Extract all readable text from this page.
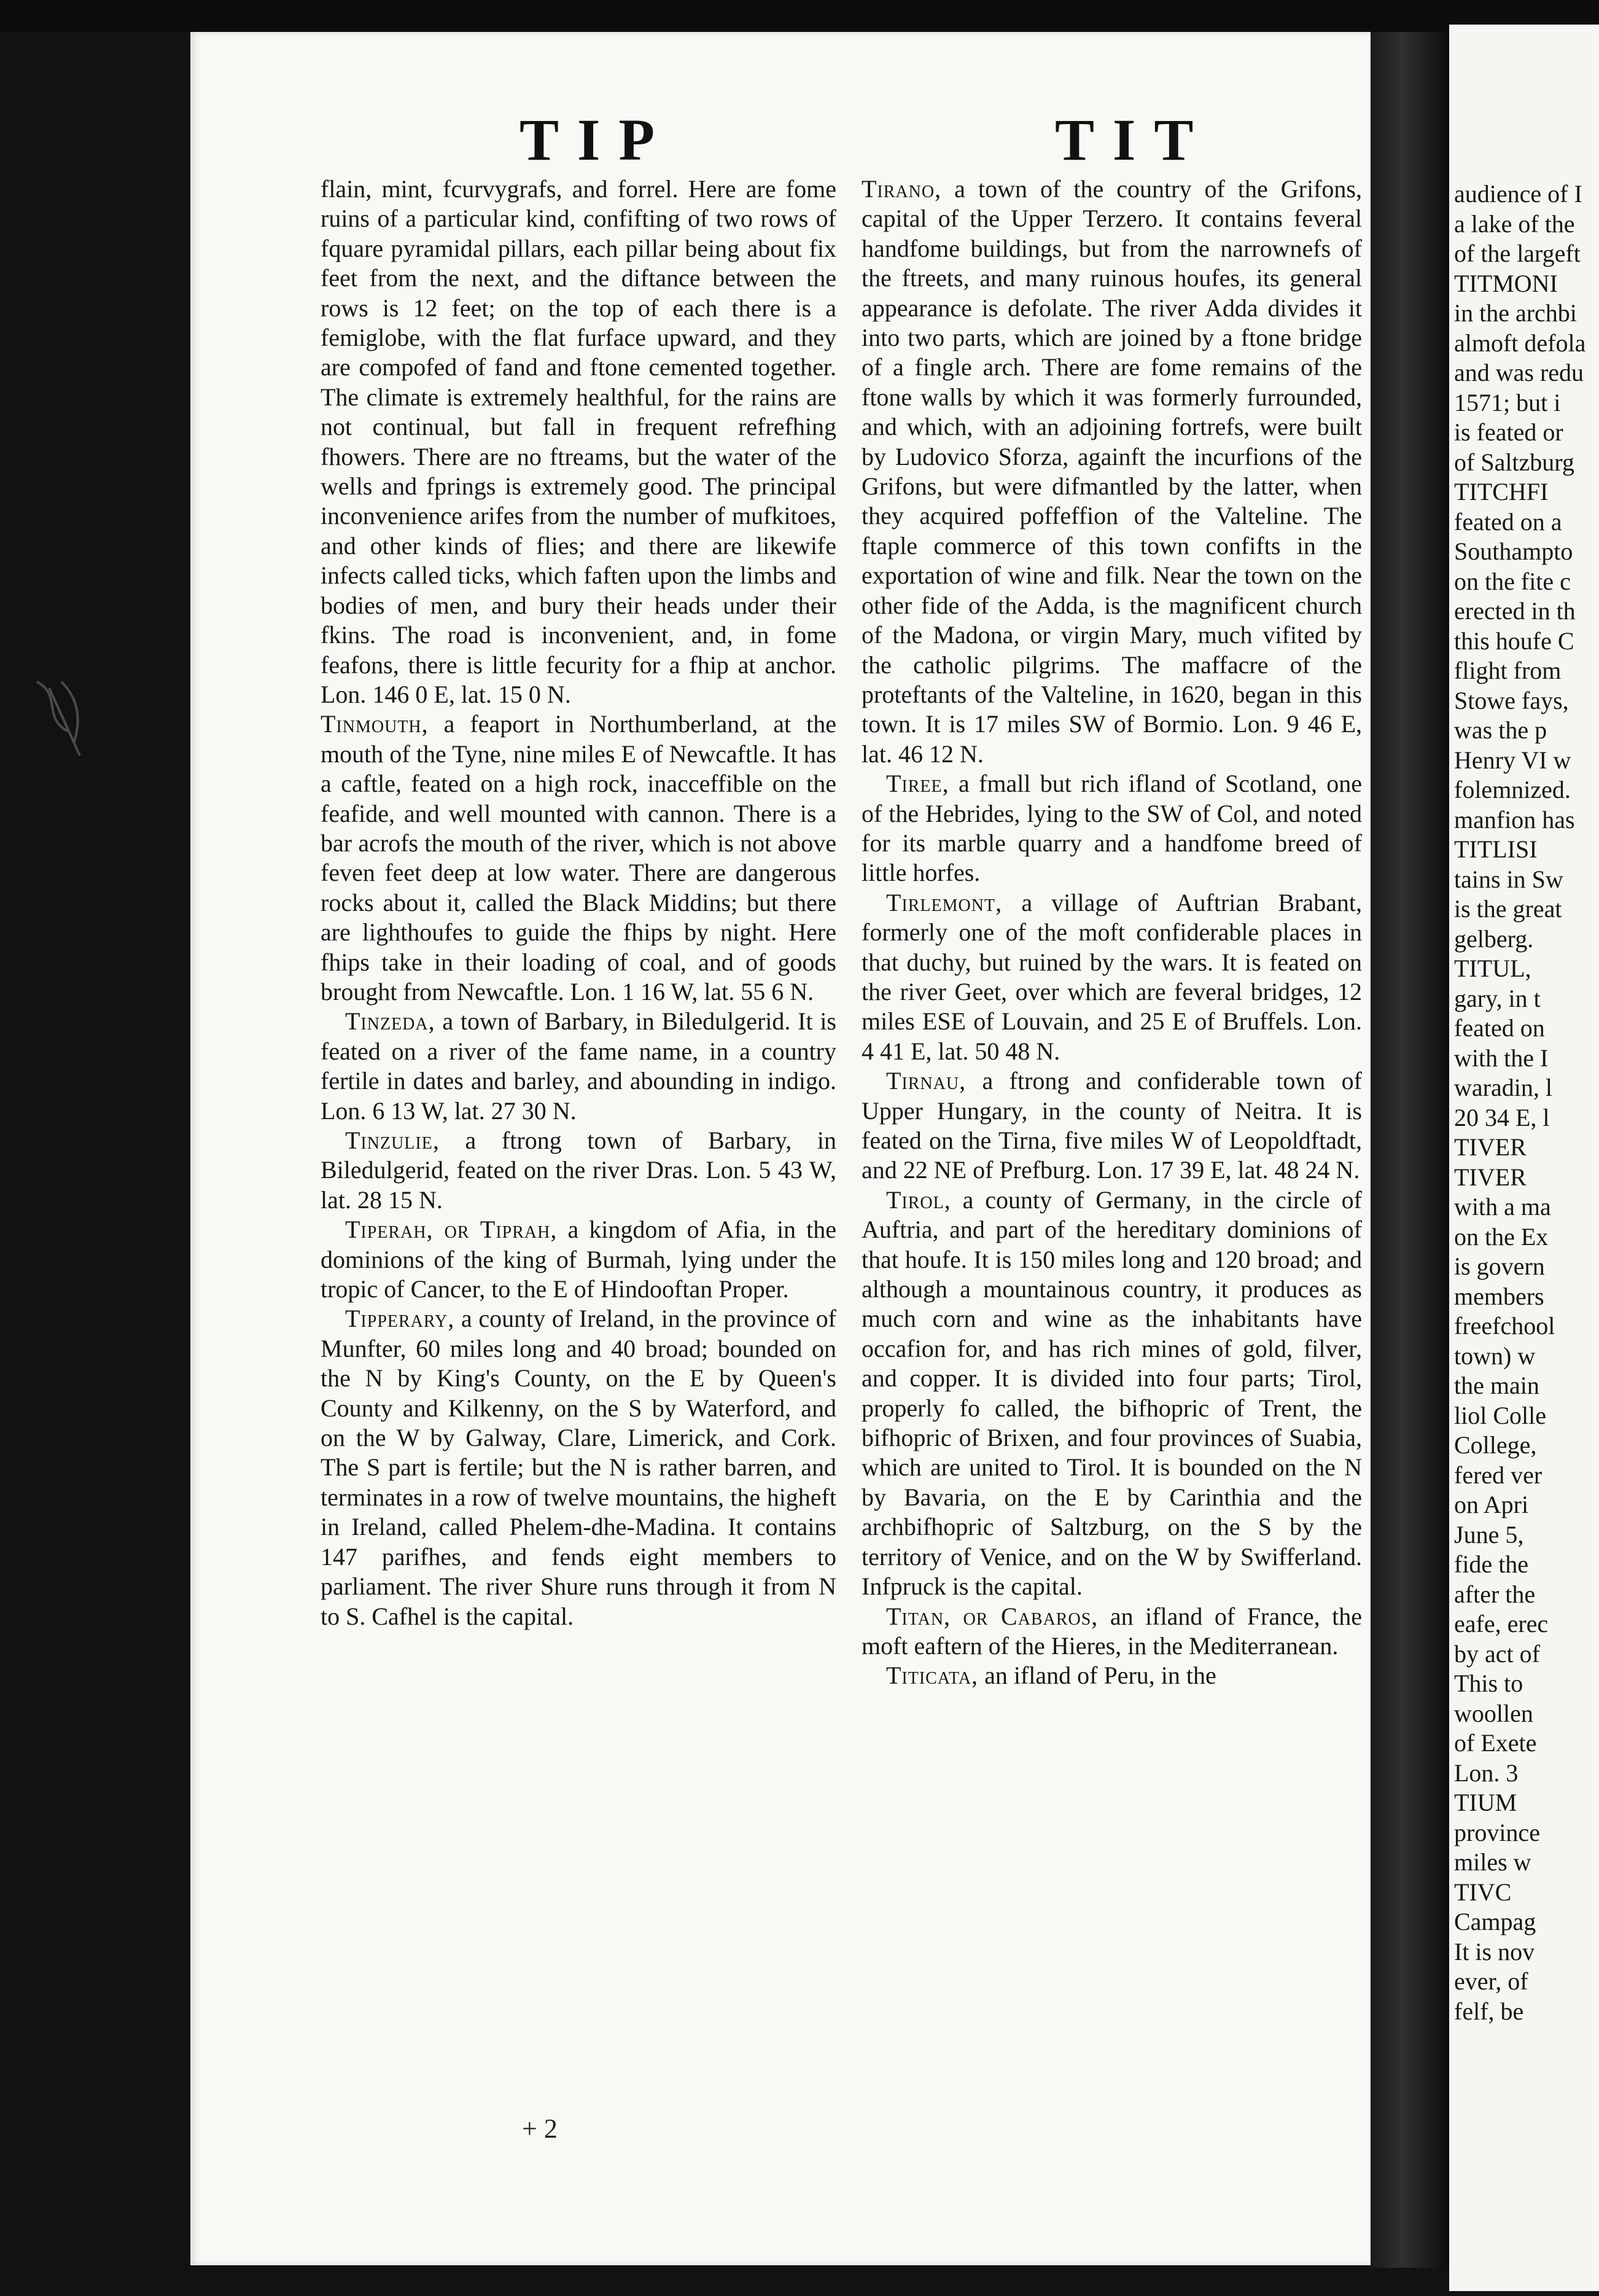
TIP	TIT

flain, mint, fcurvygrafs, and forrel. Here are fome ruins of a particular kind, confifting of two rows of fquare pyramidal pillars, each pillar being about fix feet from the next, and the diftance between the rows is 12 feet; on the top of each there is a femiglobe, with the flat furface upward, and they are compofed of fand and ftone cemented together. The climate is extremely healthful, for the rains are not continual, but fall in frequent refrefhing fhowers. There are no ftreams, but the water of the wells and fprings is extremely good. The principal inconvenience arifes from the number of mufkitoes, and other kinds of flies; and there are likewife infects called ticks, which faften upon the limbs and bodies of men, and bury their heads under their fkins. The road is inconvenient, and, in fome feafons, there is little fecurity for a fhip at anchor. Lon. 146 0 E, lat. 15 0 N.

Tinmouth, a feaport in Northumberland, at the mouth of the Tyne, nine miles E of Newcaftle. It has a caftle, feated on a high rock, inacceffible on the feafide, and well mounted with cannon. There is a bar acrofs the mouth of the river, which is not above feven feet deep at low water. There are dangerous rocks about it, called the Black Middins; but there are lighthoufes to guide the fhips by night. Here fhips take in their loading of coal, and of goods brought from Newcaftle. Lon. 1 16 W, lat. 55 6 N.

Tinzeda, a town of Barbary, in Biledulgerid. It is feated on a river of the fame name, in a country fertile in dates and barley, and abounding in indigo. Lon. 6 13 W, lat. 27 30 N.

Tinzulie, a ftrong town of Barbary, in Biledulgerid, feated on the river Dras. Lon. 5 43 W, lat. 28 15 N.

Tiperah, or Tiprah, a kingdom of Afia, in the dominions of the king of Burmah, lying under the tropic of Cancer, to the E of Hindooftan Proper.

Tipperary, a county of Ireland, in the province of Munfter, 60 miles long and 40 broad; bounded on the N by King's County, on the E by Queen's County and Kilkenny, on the S by Waterford, and on the W by Galway, Clare, Limerick, and Cork. The S part is fertile; but the N is rather barren, and terminates in a row of twelve mountains, the higheft in Ireland, called Phelem-dhe-Madina. It contains 147 parifhes, and fends eight members to parliament. The river Shure runs through it from N to S. Cafhel is the capital.

Tirano, a town of the country of the Grifons, capital of the Upper Terzero. It contains feveral handfome buildings, but from the narrownefs of the ftreets, and many ruinous houfes, its general appearance is defolate. The river Adda divides it into two parts, which are joined by a ftone bridge of a fingle arch. There are fome remains of the ftone walls by which it was formerly furrounded, and which, with an adjoining fortrefs, were built by Ludovico Sforza, againft the incurfions of the Grifons, but were difmantled by the latter, when they acquired poffeffion of the Valteline. The ftaple commerce of this town confifts in the exportation of wine and filk. Near the town on the other fide of the Adda, is the magnificent church of the Madona, or virgin Mary, much vifited by the catholic pilgrims. The maffacre of the proteftants of the Valteline, in 1620, began in this town. It is 17 miles SW of Bormio. Lon. 9 46 E, lat. 46 12 N.

Tiree, a fmall but rich ifland of Scotland, one of the Hebrides, lying to the SW of Col, and noted for its marble quarry and a handfome breed of little horfes.

Tirlemont, a village of Auftrian Brabant, formerly one of the moft confiderable places in that duchy, but ruined by the wars. It is feated on the river Geet, over which are feveral bridges, 12 miles ESE of Louvain, and 25 E of Bruffels. Lon. 4 41 E, lat. 50 48 N.

Tirnau, a ftrong and confiderable town of Upper Hungary, in the county of Neitra. It is feated on the Tirna, five miles W of Leopoldftadt, and 22 NE of Prefburg. Lon. 17 39 E, lat. 48 24 N.

Tirol, a county of Germany, in the circle of Auftria, and part of the hereditary dominions of that houfe. It is 150 miles long and 120 broad; and although a mountainous country, it produces as much corn and wine as the inhabitants have occafion for, and has rich mines of gold, filver, and copper. It is divided into four parts; Tirol, properly fo called, the bifhopric of Trent, the bifhopric of Brixen, and four provinces of Suabia, which are united to Tirol. It is bounded on the N by Bavaria, on the E by Carinthia and the archbifhopric of Saltzburg, on the S by the territory of Venice, and on the W by Swifferland. Infpruck is the capital.

Titan, or Cabaros, an ifland of France, the moft eaftern of the Hieres, in the Mediterranean.

Titicata, an ifland of Peru, in the

+ 2
audience of I
a lake of the
of the largeft
TITMONI
in the archbi
almoft defola
and was redu
1571; but i
is feated or
of Saltzburg
TITCHFI
feated on a
Southampto
on the fite c
erected in th
this houfe C
flight from
Stowe fays,
was the p
Henry VI w
folemnized.
manfion has
TITLISI
tains in Sw
is the great
gelberg.
TITUL,
gary, in t
feated on
with the I
waradin, l
20 34 E, l
TIVER
TIVER
with a ma
on the Ex
is govern
members
freefchool
town) w
the main
liol Colle
College,
fered ver
on Apri
June 5,
fide the
after the
eafe, erec
by act of
This to
woollen
of Exete
Lon. 3
TIUM
province
miles w
TIVC
Campag
It is nov
ever, of
felf, be
